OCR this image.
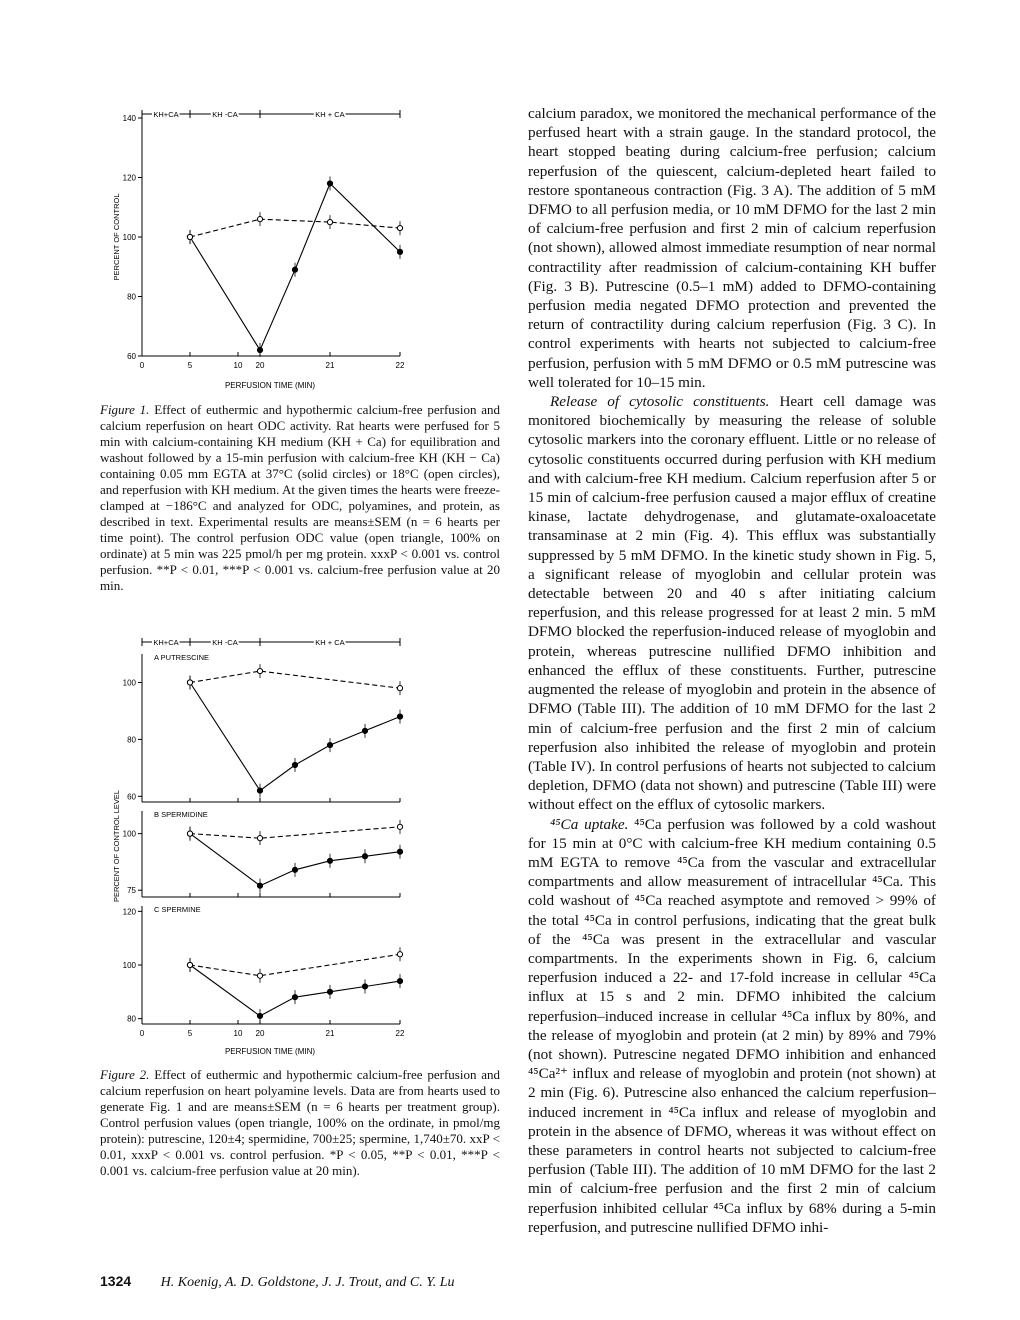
KH+CA	KH -CA	KH + CA
60
80
100
120
140
0	5	10 20	21	22
PERFUSION TIME (MIN)
PERCENT OF CONTROL

Figure 1. Effect of euthermic and hypothermic calcium-free perfusion and calcium reperfusion on heart ODC activity. Rat hearts were perfused for 5 min with calcium-containing KH medium (KH + Ca) for equilibration and washout followed by a 15-min perfusion with calcium-free KH (KH − Ca) containing 0.05 mm EGTA at 37°C (solid circles) or 18°C (open circles), and reperfusion with KH medium. At the given times the hearts were freeze-clamped at −186°C and analyzed for ODC, polyamines, and protein, as described in text. Experimental results are means±SEM (n = 6 hearts per time point). The control perfusion ODC value (open triangle, 100% on ordinate) at 5 min was 225 pmol/h per mg protein. xxxP < 0.001 vs. control perfusion. **P < 0.01, ***P < 0.001 vs. calcium-free perfusion value at 20 min.

KH+CA	KH -CA	KH + CA
60
80
100
A PUTRESCINE
75
100
B SPERMIDINE
80
100
120
0	5	10 20	21	22
C SPERMINE
PERFUSION TIME (MIN)
PERCENT OF CONTROL LEVEL

Figure 2. Effect of euthermic and hypothermic calcium-free perfusion and calcium reperfusion on heart polyamine levels. Data are from hearts used to generate Fig. 1 and are means±SEM (n = 6 hearts per treatment group). Control perfusion values (open triangle, 100% on the ordinate, in pmol/mg protein): putrescine, 120±4; spermidine, 700±25; spermine, 1,740±70. xxP < 0.01, xxxP < 0.001 vs. control perfusion. *P < 0.05, **P < 0.01, ***P < 0.001 vs. calcium-free perfusion value at 20 min).

calcium paradox, we monitored the mechanical performance of the perfused heart with a strain gauge. In the standard protocol, the heart stopped beating during calcium-free perfusion; calcium reperfusion of the quiescent, calcium-depleted heart failed to restore spontaneous contraction (Fig. 3 A). The addition of 5 mM DFMO to all perfusion media, or 10 mM DFMO for the last 2 min of calcium-free perfusion and first 2 min of calcium reperfusion (not shown), allowed almost immediate resumption of near normal contractility after readmission of calcium-containing KH buffer (Fig. 3 B). Putrescine (0.5–1 mM) added to DFMO-containing perfusion media negated DFMO protection and prevented the return of contractility during calcium reperfusion (Fig. 3 C). In control experiments with hearts not subjected to calcium-free perfusion, perfusion with 5 mM DFMO or 0.5 mM putrescine was well tolerated for 10–15 min.

Release of cytosolic constituents. Heart cell damage was monitored biochemically by measuring the release of soluble cytosolic markers into the coronary effluent. Little or no release of cytosolic constituents occurred during perfusion with KH medium and with calcium-free KH medium. Calcium reperfusion after 5 or 15 min of calcium-free perfusion caused a major efflux of creatine kinase, lactate dehydrogenase, and glutamate-oxaloacetate transaminase at 2 min (Fig. 4). This efflux was substantially suppressed by 5 mM DFMO. In the kinetic study shown in Fig. 5, a significant release of myoglobin and cellular protein was detectable between 20 and 40 s after initiating calcium reperfusion, and this release progressed for at least 2 min. 5 mM DFMO blocked the reperfusion-induced release of myoglobin and protein, whereas putrescine nullified DFMO inhibition and enhanced the efflux of these constituents. Further, putrescine augmented the release of myoglobin and protein in the absence of DFMO (Table III). The addition of 10 mM DFMO for the last 2 min of calcium-free perfusion and the first 2 min of calcium reperfusion also inhibited the release of myoglobin and protein (Table IV). In control perfusions of hearts not subjected to calcium depletion, DFMO (data not shown) and putrescine (Table III) were without effect on the efflux of cytosolic markers.

⁴⁵Ca uptake. ⁴⁵Ca perfusion was followed by a cold washout for 15 min at 0°C with calcium-free KH medium containing 0.5 mM EGTA to remove ⁴⁵Ca from the vascular and extracellular compartments and allow measurement of intracellular ⁴⁵Ca. This cold washout of ⁴⁵Ca reached asymptote and removed > 99% of the total ⁴⁵Ca in control perfusions, indicating that the great bulk of the ⁴⁵Ca was present in the extracellular and vascular compartments. In the experiments shown in Fig. 6, calcium reperfusion induced a 22- and 17-fold increase in cellular ⁴⁵Ca influx at 15 s and 2 min. DFMO inhibited the calcium reperfusion–induced increase in cellular ⁴⁵Ca influx by 80%, and the release of myoglobin and protein (at 2 min) by 89% and 79% (not shown). Putrescine negated DFMO inhibition and enhanced ⁴⁵Ca²⁺ influx and release of myoglobin and protein (not shown) at 2 min (Fig. 6). Putrescine also enhanced the calcium reperfusion–induced increment in ⁴⁵Ca influx and release of myoglobin and protein in the absence of DFMO, whereas it was without effect on these parameters in control hearts not subjected to calcium-free perfusion (Table III). The addition of 10 mM DFMO for the last 2 min of calcium-free perfusion and the first 2 min of calcium reperfusion inhibited cellular ⁴⁵Ca influx by 68% during a 5-min reperfusion, and putrescine nullified DFMO inhi-

1324 H. Koenig, A. D. Goldstone, J. J. Trout, and C. Y. Lu
